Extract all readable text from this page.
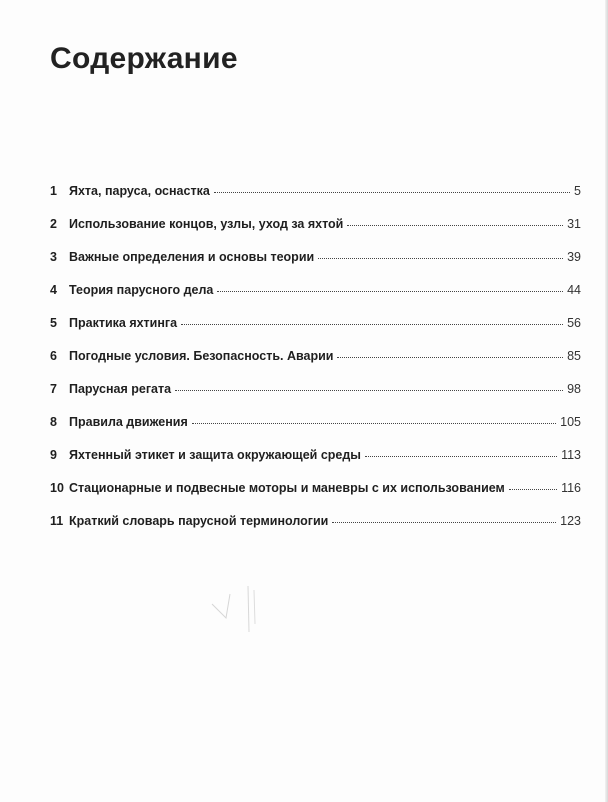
Содержание
1 Яхта, паруса, оснастка	5
2 Использование концов, узлы, уход за яхтой	31
3 Важные определения и основы теории	39
4 Теория парусного дела	44
5 Практика яхтинга	56
6 Погодные условия. Безопасность. Аварии	85
7 Парусная регата	98
8 Правила движения	105
9 Яхтенный этикет и защита окружающей среды	113
10 Стационарные и подвесные моторы и маневры с их использованием	116
11 Краткий словарь парусной терминологии	123
